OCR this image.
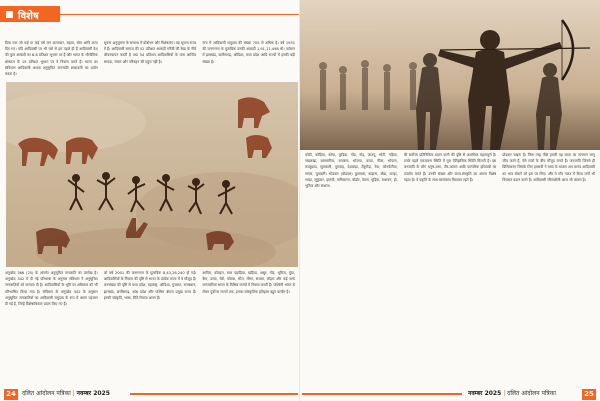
विशेष
दिया गया जो कई पा कई वर्ष जन कलाकार, सहाय, बोल आदि कला दिए गए। यदि आदिवासी पर भी चले से हम पहले ही हैं आदिवासी देश की कुल आबादी का 8.6 प्रतिशत भूभाग पर हैं और भारत के भौगोलिक क्षेत्रफल के 15 प्रतिशत भूभाग पर वे निवास करते हैं। भारत का संविधान आदिवासी अथवा अनुसूचित जनजाति शब्दावली का प्रयोग करता है।
सूचना अनुसूचना के सम्बन्ध में प्रोबोधन और विशेषताएं। यह सूचना राज्य में हैं। आदिवासी समाज की 52 प्रतिशत आबादी गरीबी की रेखा के नीचे जीवनयापन करती है तथा 54 प्रतिशत आदिवासियों के पास आर्थिक सम्पदा, संचार और परिवहन की पहुंच नहीं है।
नाच में आदिवासी समुदाय की संख्या 705 से अधिक है। वर्ष 1951 की जनगणना के मुताबिक उनकी आबादी 1,91,11,498 थी। वर्तमान में झारखंड, छत्तीसगढ़, ओडिशा, मध्य प्रदेश आदि राज्यों में इनकी बड़ी संख्या है।
अनुच्छेद 366 (25) के अंतर्गत अनुसूचित जनजाति का उल्लेख है। अनुच्छेद 342 में दी गई परिभाषा के अनुसार संविधान ने अनुसूचित जनजातियों को मान्यता दी है। आदिवासियों के भूमि पर अधिकार को भी परिभाषित किया गया है। संविधान के अनुच्छेद 342 के अनुसार अनुसूचित जनजातियों का आदिवासी समुदाय के रूप में अलग पहचान दी गई है, जिन्हें विशेषाधिकार प्रदान किए गए हैं।
जो वर्ष 2001 की जनगणना के मुताबिक 8,43,26,240 हो गई। आदिवासियों के निवास की दृष्टि से भारत के प्रत्येक राज्य में वे मौजूद हैं। जनसंख्या की दृष्टि से मध्य प्रदेश, महाराष्ट्र, ओडिशा, गुजरात, राजस्थान, झारखंड, छत्तीसगढ़, आंध्र प्रदेश और पश्चिम बंगाल प्रमुख राज्य हैं। इनकी संस्कृति, भाषा, रीति-रिवाज अलग हैं।
आदिम, कोल्हल, बाल पहाड़िया, खड़िया, असुर, गोंड, भूमिज, मुंडा, बैगा, उरांव, चेरो, कोरबा, भील, मीणा, संथाल, लोहरा और कई अन्य जनजातियां भारत के विभिन्न राज्यों में निवास करती हैं। पश्चिमी भारत से लेकर पूर्वोत्तर राज्यों तक, इनका सांस्कृतिक इतिहास बहुत प्राचीन है।
24	दलित आंदोलन पत्रिका | नवम्बर 2025
कोठी, कोड़िया, कोया, कुड़िया, गोंड, नोड़, जातपु, भोटी, गड़िया, नखलखा, बालमारिक, बनवाना, भोजपा, कावा, नीला, भोपाल, कालूछाउ, सुलबाली, पुरुवाड़, देशबाड़ा, तेंदुगौड़ा, रेवा, कोनकेरीया, नागरा, चुमबली। भोडवार (बोडवार) कुलवारा, बाढ़ाना, बोडा, करहा, भरहा, सुकुदार, हालवी, कनिकाणा, बोढोर, देवना, घुड़िया, राधावन, हो, भूमिज और संथाल।
की सर्वोच्च प्रतिनिधित्व प्रदान करने की दृष्टि से अत्यधिक महत्वपूर्ण है। उनके पहले एकवारना स्थिति में मूल ऐतिहासिक स्थिति मिलती है। इस जनजाति के लोग धनुष-बाण, तीर-कमान आदि पारंपरिक हथियारों का उपयोग करते हैं। उनकी संख्या और कला-संस्कृति का अपना विशेष महत्व है। वे प्रकृति के साथ सामंजस्य बिठाकर रहते हैं।
प्रोडवार चाइना है। जिस तरह पीछे हमारी वह जाता का जनमान जानू जीव करने हैं, ऐसे राजों के बीच मौजूद जनते हैं। जनजाति जिनसे ही प्रिलियरनए जिसके लिए हमसवी ने माया के बाजार अप मानव आदिवासी का भाव बोधने जो इस पर लिए। और वे गाँव गलत में दिव्य जनों भी विरासत प्रदान करते हैं। आदिवासी जीवनशैली आज भी कायम है।
नवम्बर 2025 | दलित आंदोलन पत्रिका	25
